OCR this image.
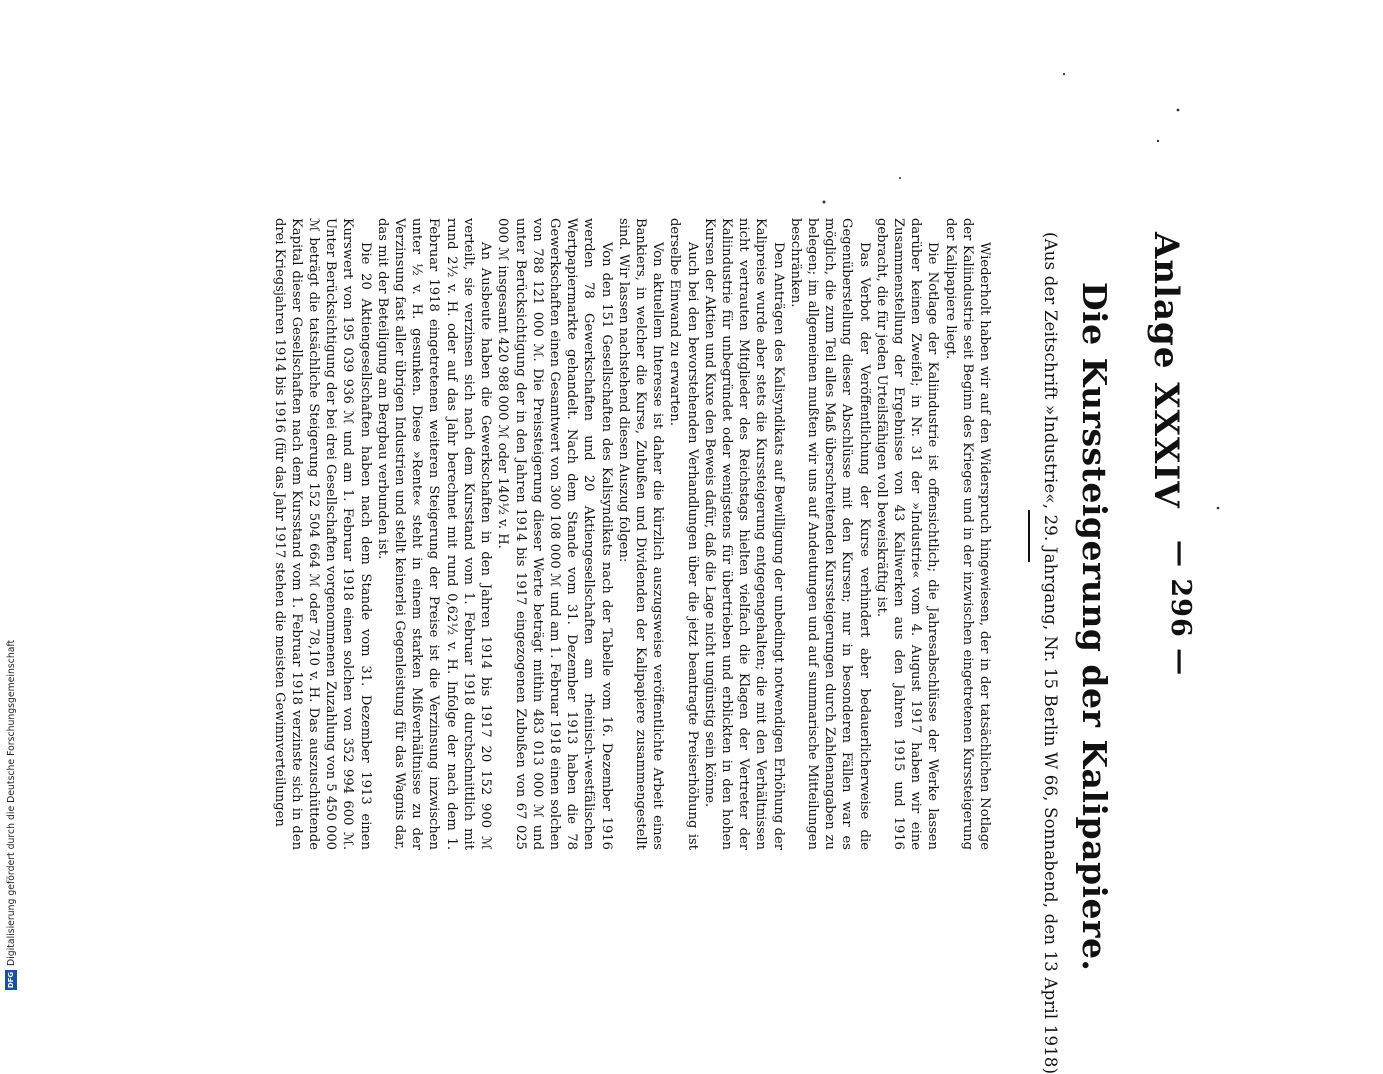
— 296 —
Anlage XXXIV
Die Kurssteigerung der Kalipapiere.
(Aus der Zeitschrift »Industrie«, 29. Jahrgang, Nr. 15 Berlin W 66, Sonnabend, den 13 April 1918)

Wiederholt haben wir auf den Widerspruch hingewiesen, der in der tatsächlichen Notlage der Kaliindustrie seit Beginn des Krieges und in der inzwischen eingetretenen Kurssteigerung der Kalipapiere liegt.

Die Notlage der Kaliindustrie ist offensichtlich; die Jahresabschlüsse der Werke lassen darüber keinen Zweifel; in Nr. 31 der »Industrie« vom 4. August 1917 haben wir eine Zusammenstellung der Ergebnisse von 43 Kaliwerken aus den Jahren 1915 und 1916 gebracht, die für jeden Urteilsfähigen voll beweiskräftig ist.

Das Verbot der Veröffentlichung der Kurse verhindert aber bedauerlicherweise die Gegenüberstellung dieser Abschlüsse mit den Kursen; nur in besonderen Fällen war es möglich, die zum Teil alles Maß überschreitenden Kurssteigerungen durch Zahlenangaben zu belegen; im allgemeinen mußten wir uns auf Andeutungen und auf summarische Mitteilungen beschränken.

Den Anträgen des Kalisyndikats auf Bewilligung der unbedingt notwendigen Erhöhung der Kalipreise wurde aber stets die Kurssteigerung entgegengehalten; die mit den Verhältnissen nicht vertrauten Mitglieder des Reichstags hielten vielfach die Klagen der Vertreter der Kaliindustrie für unbegründet oder wenigstens für übertrieben und erblickten in den hohen Kursen der Aktien und Kuxe den Beweis dafür, daß die Lage nicht ungünstig sein könne.

Auch bei den bevorstehenden Verhandlungen über die jetzt beantragte Preiserhöhung ist derselbe Einwand zu erwarten.

Von aktuellem Interesse ist daher die kürzlich auszugsweise veröffentlichte Arbeit eines Bankiers, in welcher die Kurse, Zubußen und Dividenden der Kalipapiere zusammengestellt sind. Wir lassen nachstehend diesen Auszug folgen:

Von den 151 Gesellschaften des Kalisyndikats nach der Tabelle vom 16. Dezember 1916 werden 78 Gewerkschaften und 20 Aktiengesellschaften am rheinisch-westfälischen Wertpapiermarkte gehandelt. Nach dem Stande vom 31. Dezember 1913 haben die 78 Gewerkschaften einen Gesamtwert von 300 108 000 ℳ und am 1. Februar 1918 einen solchen von 788 121 000 ℳ. Die Preissteigerung dieser Werte beträgt mithin 483 013 000 ℳ und unter Berücksichtigung der in den Jahren 1914 bis 1917 eingezogenen Zubußen von 67 025 000 ℳ insgesamt 420 988 000 ℳ oder 140½ v. H.

An Ausbeute haben die Gewerkschaften in den Jahren 1914 bis 1917 20 152 900 ℳ verteilt, sie verzinsen sich nach dem Kursstand vom 1. Februar 1918 durchschnittlich mit rund 2½ v. H. oder auf das Jahr berechnet mit rund 0,62½ v. H. Infolge der nach dem 1. Februar 1918 eingetretenen weiteren Steigerung der Preise ist die Verzinsung inzwischen unter ½ v. H. gesunken. Diese »Rente« steht in einem starken Mißverhältnisse zu der Verzinsung fast aller übrigen Industrien und stellt keinerlei Gegenleistung für das Wagnis dar, das mit der Beteiligung am Bergbau verbunden ist.

Die 20 Aktiengesellschaften haben nach dem Stande vom 31. Dezember 1913 einen Kurswert von 195 039 936 ℳ und am 1. Februar 1918 einen solchen von 352 994 600 ℳ. Unter Berücksichtigung der bei drei Gesellschaften vorgenommenen Zuzahlung von 5 450 000 ℳ beträgt die tatsächliche Steigerung 152 504 664 ℳ oder 78,10 v. H. Das auszuschüttende Kapital dieser Gesellschaften nach dem Kursstand vom 1. Februar 1918 verzinste sich in den drei Kriegsjahren 1914 bis 1916 (für das Jahr 1917 stehen die meisten Gewinnverteilungen

DFG
Digitalisierung gefördert durch die Deutsche Forschungsgemeinschaft
